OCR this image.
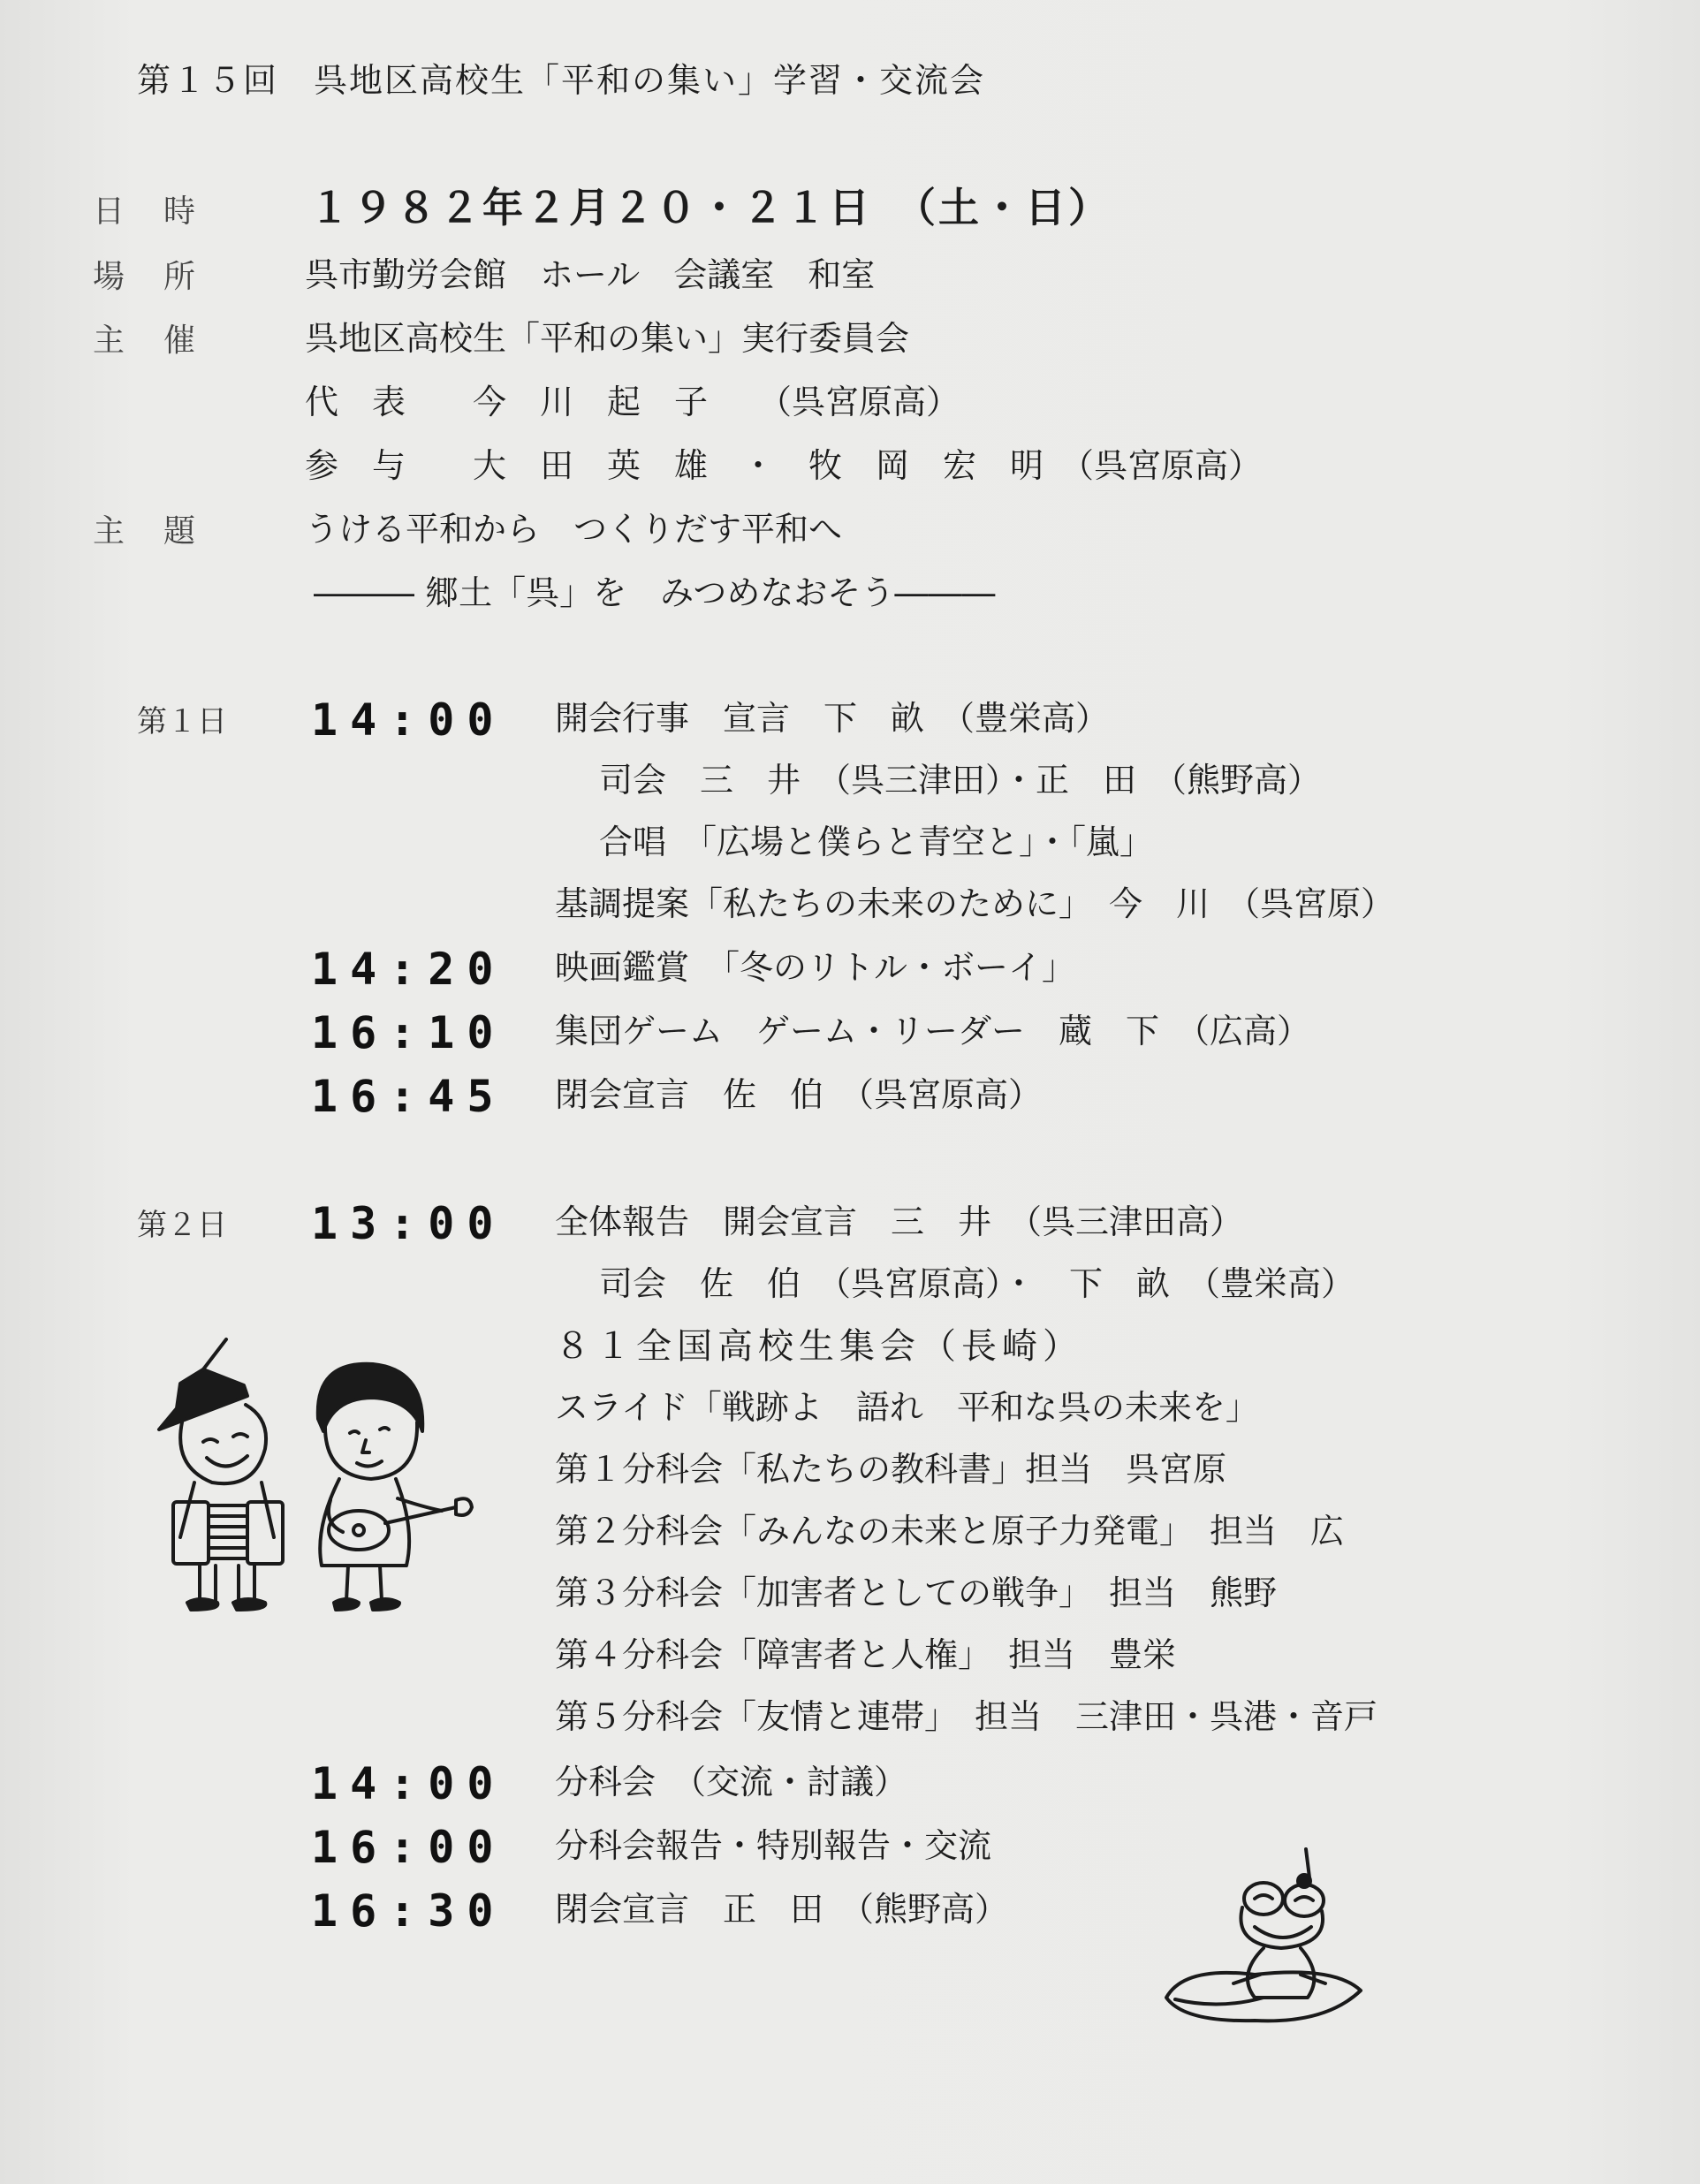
第１５回　呉地区高校生「平和の集い」学習・交流会
日時 １９８２年２月２０・２１日　（土・日）
場所 呉市勤労会館　ホール　会議室　和室
主催 呉地区高校生「平和の集い」実行委員会
代　表　　今　川　起　子　　（呉宮原高）
参　与　　大　田　英　雄　・　牧　岡　宏　明　（呉宮原高）
主題 うける平和から　つくりだす平和へ
――― 郷土「呉」を　みつめなおそう―――
第１日 14:00 開会行事　宣言　下　畝　（豊栄高）
司会　三　井　（呉三津田）・正　田　（熊野高）
合唱　「広場と僕らと青空と」・「嵐」
基調提案「私たちの未来のために」　今　川　（呉宮原）
14:20 映画鑑賞　「冬のリトル・ボーイ」
16:10 集団ゲーム　ゲーム・リーダー　蔵　下　（広高）
16:45 閉会宣言　佐　伯　（呉宮原高）
第２日 13:00 全体報告　開会宣言　三　井　（呉三津田高）
司会　佐　伯　（呉宮原高）・　下　畝　（豊栄高）
８１全国高校生集会（長崎）
スライド「戦跡よ　語れ　平和な呉の未来を」
第１分科会「私たちの教科書」担当　呉宮原
第２分科会「みんなの未来と原子力発電」　担当　広
第３分科会「加害者としての戦争」　担当　熊野
第４分科会「障害者と人権」　担当　豊栄
第５分科会「友情と連帯」　担当　三津田・呉港・音戸
14:00 分科会　（交流・討議）
16:00 分科会報告・特別報告・交流
16:30 閉会宣言　正　田　（熊野高）
